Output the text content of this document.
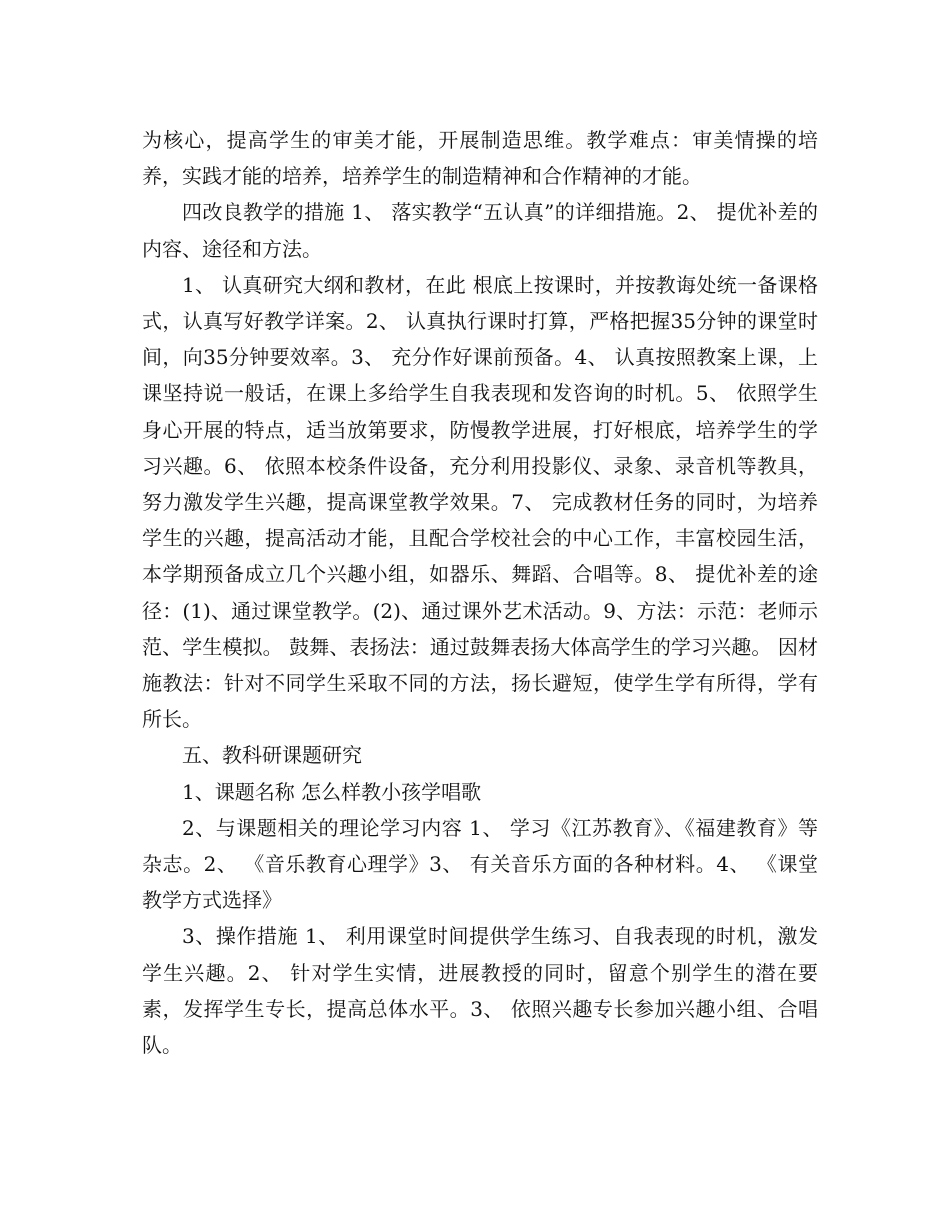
为核心，提高学生的审美才能，开展制造思维。教学难点：审美情操的培养，实践才能的培养，培养学生的制造精神和合作精神的才能。

四改良教学的措施 1、 落实教学“五认真”的详细措施。2、 提优补差的内容、途径和方法。

1、 认真研究大纲和教材，在此 根底上按课时，并按教诲处统一备课格式，认真写好教学详案。2、 认真执行课时打算，严格把握35分钟的课堂时间，向35分钟要效率。3、 充分作好课前预备。4、 认真按照教案上课，上课坚持说一般话，在课上多给学生自我表现和发咨询的时机。5、 依照学生身心开展的特点，适当放第要求，防慢教学进展，打好根底，培养学生的学习兴趣。6、 依照本校条件设备，充分利用投影仪、录象、录音机等教具，努力激发学生兴趣，提高课堂教学效果。7、 完成教材任务的同时，为培养学生的兴趣，提高活动才能，且配合学校社会的中心工作，丰富校园生活，本学期预备成立几个兴趣小组，如器乐、舞蹈、合唱等。8、 提优补差的途径：(1)、通过课堂教学。(2)、通过课外艺术活动。9、方法：示范：老师示范、学生模拟。 鼓舞、表扬法：通过鼓舞表扬大体高学生的学习兴趣。 因材施教法：针对不同学生采取不同的方法，扬长避短，使学生学有所得，学有所长。

五、教科研课题研究

1、课题名称 怎么样教小孩学唱歌

2、与课题相关的理论学习内容 1、 学习《江苏教育》、《福建教育》等杂志。2、 《音乐教育心理学》3、 有关音乐方面的各种材料。4、 《课堂教学方式选择》

3、操作措施 1、 利用课堂时间提供学生练习、自我表现的时机，激发学生兴趣。2、 针对学生实情，进展教授的同时，留意个别学生的潜在要素，发挥学生专长，提高总体水平。3、 依照兴趣专长参加兴趣小组、合唱队。
